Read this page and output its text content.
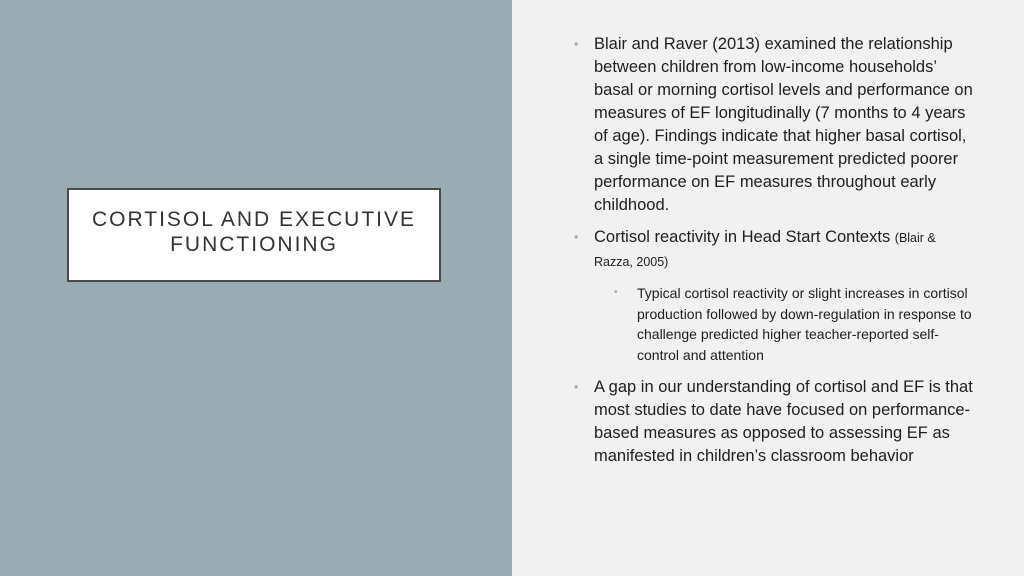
CORTISOL AND EXECUTIVE
FUNCTIONING
• Blair and Raver (2013) examined the relationship between children from low-income households’ basal or morning cortisol levels and performance on measures of EF longitudinally (7 months to 4 years of age). Findings indicate that higher basal cortisol, a single time-point measurement predicted poorer performance on EF measures throughout early childhood.
• Cortisol reactivity in Head Start Contexts (Blair & Razza, 2005)
• Typical cortisol reactivity or slight increases in cortisol production followed by down-regulation in response to challenge predicted higher teacher-reported self-control and attention
• A gap in our understanding of cortisol and EF is that most studies to date have focused on performance-based measures as opposed to assessing EF as manifested in children’s classroom behavior
